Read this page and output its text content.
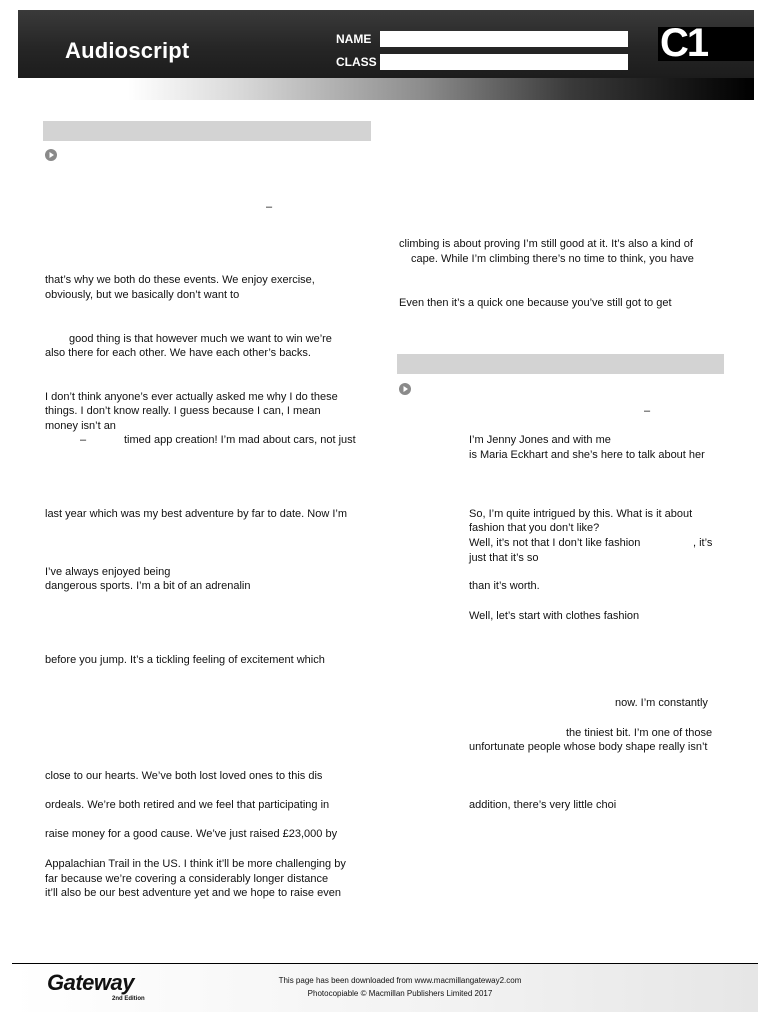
Audioscript	NAME
CLASS	C1
–
that’s why we both do these events. We enjoy exercise,
obviously, but we basically don’t want to
good thing is that however much we want to win we’re
also there for each other. We have each other’s backs.
I don’t think anyone’s ever actually asked me why I do these
things. I don’t know really. I guess because I can, I mean
money isn’t an
–	timed app creation! I’m mad about cars, not just
last year which was my best adventure by far to date. Now I’m
I’ve always enjoyed being
dangerous sports. I’m a bit of an adrenalin
before you jump. It’s a tickling feeling of excitement which
close to our hearts. We’ve both lost loved ones to this dis
ordeals. We’re both retired and we feel that participating in
raise money for a good cause. We’ve just raised £23,000 by
Appalachian Trail in the US. I think it’ll be more challenging by
far because we’re covering a considerably longer distance
it’ll also be our best adventure yet and we hope to raise even
climbing is about proving I’m still good at it. It’s also a kind of
cape. While I’m climbing there’s no time to think, you have
Even then it’s a quick one because you’ve still got to get
–
I’m Jenny Jones and with me
is Maria Eckhart and she’s here to talk about her
So, I’m quite intrigued by this. What is it about
fashion that you don’t like?
Well, it’s not that I don’t like fashion	, it’s
just that it’s so
than it’s worth.
Well, let’s start with clothes fashion
now. I’m constantly
the tiniest bit. I’m one of those
unfortunate people whose body shape really isn’t
addition, there’s very little choi
Gateway
2nd Edition
This page has been downloaded from www.macmillangateway2.com
Photocopiable © Macmillan Publishers Limited 2017
